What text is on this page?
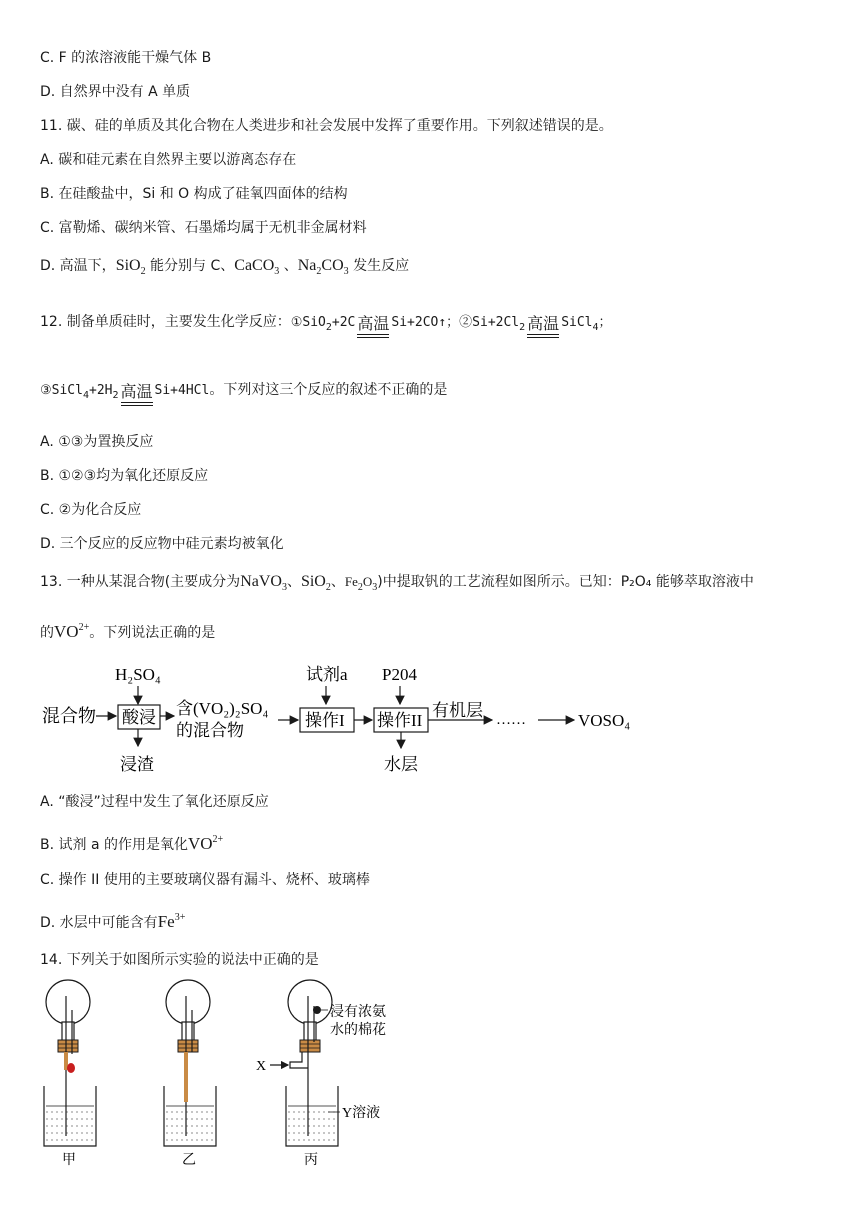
C. F 的浓溶液能干燥气体 B
D. 自然界中没有 A 单质
11. 碳、硅的单质及其化合物在人类进步和社会发展中发挥了重要作用。下列叙述错误的是。
A. 碳和硅元素在自然界主要以游离态存在
B. 在硅酸盐中，Si 和 O 构成了硅氧四面体的结构
C. 富勒烯、碳纳米管、石墨烯均属于无机非金属材料
D. 高温下，SiO$_2$ 能分别与 C、CaCO$_3$ 、$Na_2CO_3$ 发生反应
12. 制备单质硅时，主要发生化学反应：①SiO$_2$+2C 高温 Si+2CO↑；$②Si+2Cl_2$ 高温 SiCl$_4$；
$③SiCl_4+2H_2$ 高温 Si+4HCl。下列对这三个反应的叙述不正确的是
A. ①③为置换反应
B. ①②③均为氧化还原反应
C. ②为化合反应
D. 三个反应的反应物中硅元素均被氧化
13. 一种从某混合物(主要成分为NaVO$_3$、SiO$_2$、$Fe_2O_3$)中提取钒的工艺流程如图所示。已知：P₂O₄ 能够萃取溶液中
的$VO^{2+}$。下列说法正确的是
H₂SO₄	试剂a P204
混合物 酸浸 含(VO₂)₂SO₄
的混合物
操作I 操作II
有机层 ……	VOSO₄
浸渣	水层
A. “酸浸”过程中发生了氧化还原反应
B. 试剂 a 的作用是氧化$VO^{2+}$
C. 操作 II 使用的主要玻璃仪器有漏斗、烧杯、玻璃棒
D. 水层中可能含有$Fe^{3+}$
14. 下列关于如图所示实验的说法中正确的是
甲	乙
X
浸有浓氨
水的棉花
Y溶液
丙
